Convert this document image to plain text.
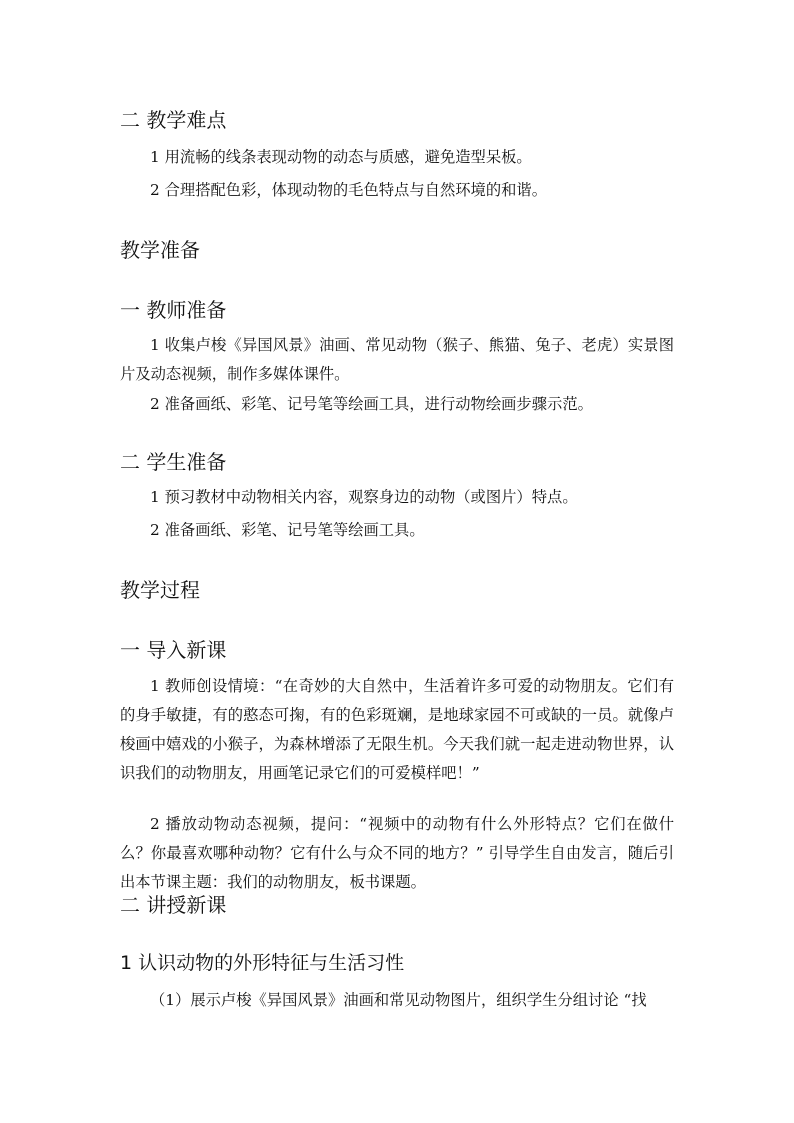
二 教学难点
1 用流畅的线条表现动物的动态与质感，避免造型呆板。
2 合理搭配色彩，体现动物的毛色特点与自然环境的和谐。
教学准备
一 教师准备
1 收集卢梭《异国风景》油画、常见动物（猴子、熊猫、兔子、老虎）实景图片及动态视频，制作多媒体课件。
2 准备画纸、彩笔、记号笔等绘画工具，进行动物绘画步骤示范。
二 学生准备
1 预习教材中动物相关内容，观察身边的动物（或图片）特点。
2 准备画纸、彩笔、记号笔等绘画工具。
教学过程
一 导入新课
1 教师创设情境：“在奇妙的大自然中，生活着许多可爱的动物朋友。它们有的身手敏捷，有的憨态可掬，有的色彩斑斓，是地球家园不可或缺的一员。就像卢梭画中嬉戏的小猴子，为森林增添了无限生机。今天我们就一起走进动物世界，认识我们的动物朋友，用画笔记录它们的可爱模样吧！”
2 播放动物动态视频，提问：“视频中的动物有什么外形特点？它们在做什么？你最喜欢哪种动物？它有什么与众不同的地方？” 引导学生自由发言，随后引出本节课主题：我们的动物朋友，板书课题。
二 讲授新课
1 认识动物的外形特征与生活习性
（1）展示卢梭《异国风景》油画和常见动物图片，组织学生分组讨论 “找
